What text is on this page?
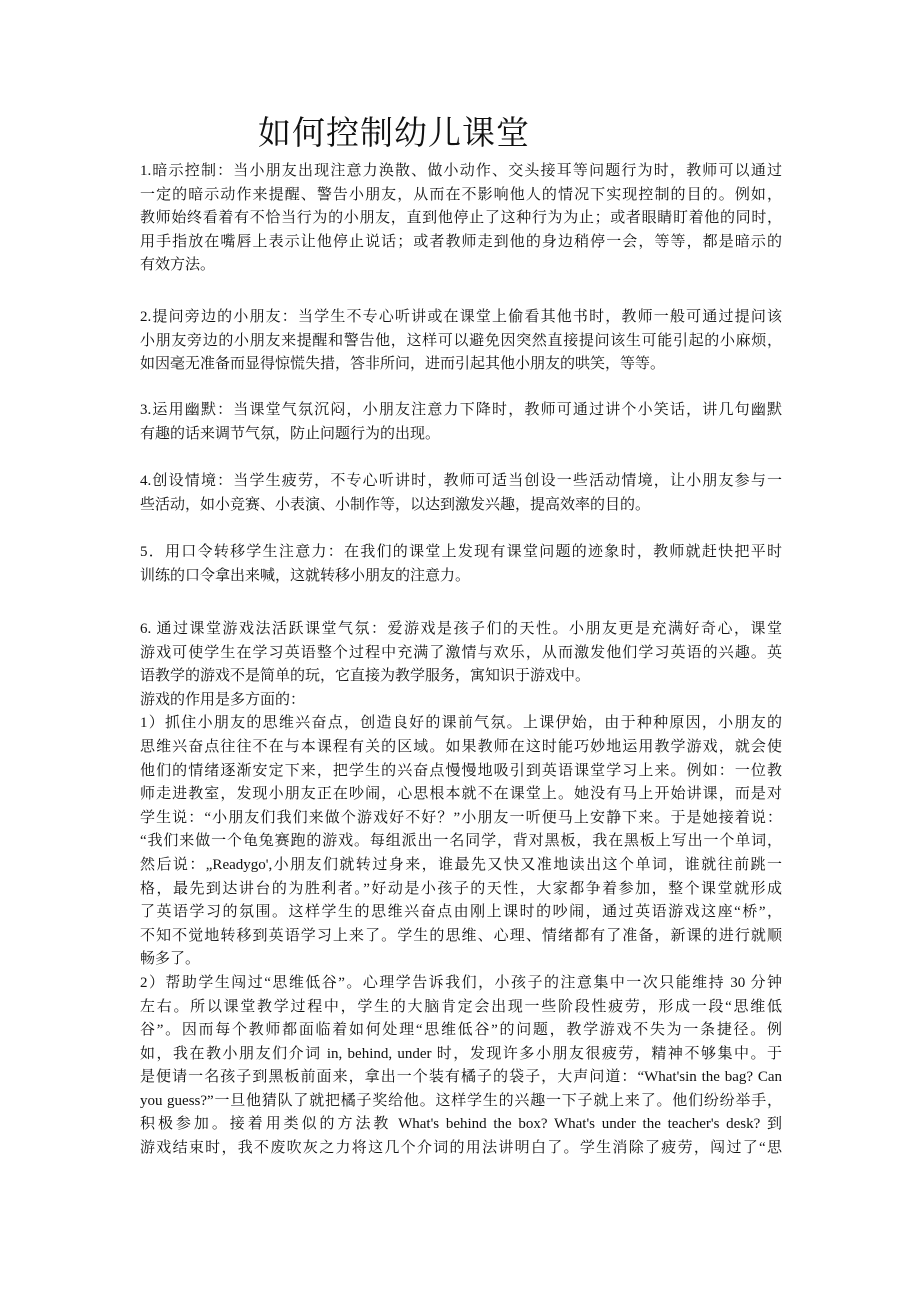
如何控制幼儿课堂
1.暗示控制：当小朋友出现注意力涣散、做小动作、交头接耳等问题行为时，教师可以通过
一定的暗示动作来提醒、警告小朋友，从而在不影响他人的情况下实现控制的目的。例如，
教师始终看着有不恰当行为的小朋友，直到他停止了这种行为为止；或者眼睛盯着他的同时，
用手指放在嘴唇上表示让他停止说话；或者教师走到他的身边稍停一会，等等，都是暗示的
有效方法。
2.提问旁边的小朋友：当学生不专心听讲或在课堂上偷看其他书时，教师一般可通过提问该
小朋友旁边的小朋友来提醒和警告他，这样可以避免因突然直接提问该生可能引起的小麻烦，
如因毫无准备而显得惊慌失措，答非所问，进而引起其他小朋友的哄笑，等等。
3.运用幽默：当课堂气氛沉闷，小朋友注意力下降时，教师可通过讲个小笑话，讲几句幽默
有趣的话来调节气氛，防止问题行为的出现。
4.创设情境：当学生疲劳，不专心听讲时，教师可适当创设一些活动情境，让小朋友参与一
些活动，如小竞赛、小表演、小制作等，以达到激发兴趣，提高效率的目的。
5．用口令转移学生注意力：在我们的课堂上发现有课堂问题的迹象时，教师就赶快把平时
训练的口令拿出来喊，这就转移小朋友的注意力。
6. 通过课堂游戏法活跃课堂气氛：爱游戏是孩子们的天性。小朋友更是充满好奇心，课堂
游戏可使学生在学习英语整个过程中充满了激情与欢乐，从而激发他们学习英语的兴趣。英
语教学的游戏不是简单的玩，它直接为教学服务，寓知识于游戏中。
游戏的作用是多方面的：
1）抓住小朋友的思维兴奋点，创造良好的课前气氛。上课伊始，由于种种原因，小朋友的
思维兴奋点往往不在与本课程有关的区域。如果教师在这时能巧妙地运用教学游戏，就会使
他们的情绪逐渐安定下来，把学生的兴奋点慢慢地吸引到英语课堂学习上来。例如：一位教
师走进教室，发现小朋友正在吵闹，心思根本就不在课堂上。她没有马上开始讲课，而是对
学生说：“小朋友们我们来做个游戏好不好？”小朋友一听便马上安静下来。于是她接着说：
“我们来做一个龟兔赛跑的游戏。每组派出一名同学，背对黑板，我在黑板上写出一个单词，
然后说：„Readygo',小朋友们就转过身来，谁最先又快又准地读出这个单词，谁就往前跳一
格，最先到达讲台的为胜利者。”好动是小孩子的天性，大家都争着参加，整个课堂就形成
了英语学习的氛围。这样学生的思维兴奋点由刚上课时的吵闹，通过英语游戏这座“桥”，
不知不觉地转移到英语学习上来了。学生的思维、心理、情绪都有了准备，新课的进行就顺
畅多了。
2）帮助学生闯过“思维低谷”。心理学告诉我们，小孩子的注意集中一次只能维持 30 分钟
左右。所以课堂教学过程中，学生的大脑肯定会出现一些阶段性疲劳，形成一段“思维低
谷”。因而每个教师都面临着如何处理“思维低谷”的问题，教学游戏不失为一条捷径。例
如，我在教小朋友们介词 in, behind, under 时，发现许多小朋友很疲劳，精神不够集中。于
是便请一名孩子到黑板前面来，拿出一个装有橘子的袋子，大声问道：“What'sin the bag? Can
you guess?”一旦他猜队了就把橘子奖给他。这样学生的兴趣一下子就上来了。他们纷纷举手，
积极参加。接着用类似的方法教 What's behind the box? What's under the teacher's desk? 到
游戏结束时，我不废吹灰之力将这几个介词的用法讲明白了。学生消除了疲劳，闯过了“思
